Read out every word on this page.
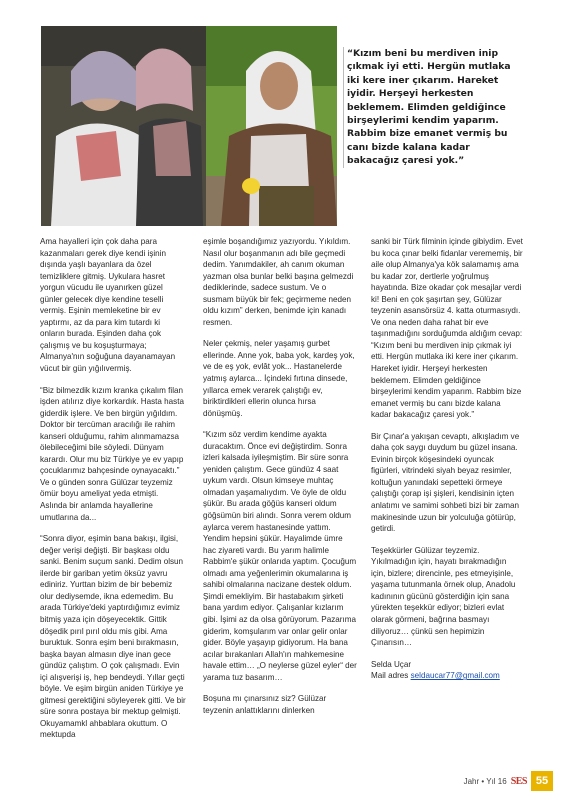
“Kızım beni bu merdiven inip çıkmak iyi etti. Hergün mutlaka iki kere iner çıkarım. Hareket iyidir. Herşeyi herkesten beklemem. Elimden geldiğince birşeylerimi kendim yaparım. Rabbim bize emanet vermiş bu canı bizde kalana kadar bakacağız çaresi yok.”

Ama hayalleri için çok daha para kazanmaları gerek diye kendi işinin dışında yaşlı bayanlara da özel temizliklere gitmiş. Uykulara hasret yorgun vücudu ile uyanırken güzel günler gelecek diye kendine teselli vermiş. Eşinin memleketine bir ev yaptırmı, az da para kim tutardı ki onların burada. Eşinden daha çok çalışmış ve bu koşuşturmaya; Almanya'nın soğuğuna dayanamayan vücut bir gün yığılıvermiş.

“Biz bilmezdik kızım kranka çıkalım filan işden atılırız diye korkardık. Hasta hasta giderdik işlere. Ve ben birgün yığıldım. Doktor bir tercüman aracılığı ile rahim kanseri olduğumu, rahim alınmamazsa ölebileceğimi bile söyledi. Dünyam karardı. Olur mu biz Türkiye ye ev yapıp çocuklarımız bahçesinde oynayacaktı.” Ve o günden sonra Gülüzar teyzemiz ömür boyu ameliyat yeda etmişti. Aslında bir anlamda hayallerine umutlarına da...

“Sonra diyor, eşimin bana bakışı, ilgisi, değer verişi değişti. Bir başkası oldu sanki. Benim suçum sanki. Dedim olsun ilerde bir gariban yetim öksüz yavru ediniriz. Yurttan bizim de bir bebemiz olur dediysemde, ikna edemedim. Bu arada Türkiye'deki yaptırdığımız evimiz bitmiş yaza için döşeyecektik. Gittik döşedik pırıl pırıl oldu mis gibi. Ama buruktuk. Sonra eşim beni bırakmasın, başka bayan almasın diye inan gece gündüz çalıştım. O çok çalışmadı. Evin içi alışverişi iş, hep bendeydi. Yıllar geçti böyle. Ve eşim birgün aniden Türkiye ye gitmesi gerektiğini söyleyerek gitti. Ve bir süre sonra postaya bir mektup gelmişti. Okuyamamkl ahbablara okuttum. O mektupda

eşimle boşandığımız yazıyordu. Yıkıldım. Nasıl olur boşanmanın adı bile geçmedi dedim. Yanımdakiler, ah canım okuman yazman olsa bunlar belki başına gelmezdi dediklerinde, sadece sustum. Ve o susmam büyük bir fek; geçirmeme neden oldu kızım” derken, benimde için kanadı resmen.

Neler çekmiş, neler yaşamış gurbet ellerinde. Anne yok, baba yok, kardeş yok, ve de eş yok, evlât yok... Hastanelerde yatmış aylarca... İçindeki fırtına dinsede, yıllarca emek verarek çalıştığı ev, biriktirdikleri ellerin olunca hırsa dönüşmüş.

“Kızım söz verdim kendime ayakta duracaktım. Önce evi değiştirdim. Sonra izleri kalsada iyileşmiştim. Bir süre sonra yeniden çalıştım. Gece gündüz 4 saat uykum vardı. Olsun kimseye muhtaç olmadan yaşamalıydım. Ve öyle de oldu şükür. Bu arada göğüs kanseri oldum göğsümün biri alındı. Sonra verem oldum aylarca verem hastanesinde yattım. Yendim hepsini şükür. Hayalimde ümre hac ziyareti vardı. Bu yarım halimle Rabbim'e şükür onlarıda yaptım. Çocuğum olmadı ama yeğenlerimin okumalarına iş sahibi olmalarına nacizane destek oldum. Şimdi emekliyim. Bir hastabakım şirketi bana yardım ediyor. Çalışanlar kızlarım gibi. İşimi az da olsa görüyorum. Pazarıma giderim, komşularım var onlar gelir onlar gider. Böyle yaşayıp gidiyorum. Ha bana acılar bırakanları Allah'ın mahkemesine havale ettim… „O neylerse güzel eyler“ der yarama tuz basarım…

Boşuna mı çınarsınız siz? Gülüzar teyzenin anlattıklarını dinlerken

sanki bir Türk filminin içinde gibiydim. Evet bu koca çınar belki fidanlar verememiş, bir aile olup Almanya'ya kök salamamış ama bu kadar zor, dertlerle yoğrulmuş hayatında. Bize okadar çok mesajlar verdi ki! Beni en çok şaşırtan şey, Gülüzar teyzenin asansörsüz 4. katta oturmasıydı. Ve ona neden daha rahat bir eve taşınmadığını sorduğumda aldığım cevap: “Kızım beni bu merdiven inip çıkmak iyi etti. Hergün mutlaka iki kere iner çıkarım. Hareket iyidir. Herşeyi herkesten beklemem. Elimden geldiğince birşeylerimi kendim yaparım. Rabbim bize emanet vermiş bu canı bizde kalana kadar bakacağız çaresi yok.”

Bir Çınar'a yakışan cevaptı, alkışladım ve daha çok saygı duydum bu güzel insana. Evinin birçok köşesindeki oyuncak figürleri, vitrindeki siyah beyaz resimler, koltuğun yanındaki sepetteki örmeye çalıştığı çorap işi şişleri, kendisinin içten anlatımı ve samimi sohbeti bizi bir zaman makinesinde uzun bir yolculuğa götürüp, getirdi.

Teşekkürler Gülüzar teyzemiz. Yıkılmadığın için, hayatı bırakmadığın için, bizlere; direncinle, pes etmeyişinle, yaşama tutunmanla örnek olup, Anadolu kadınının gücünü gösterdiğin için sana yürekten teşekkür ediyor; bizleri evlat olarak görmeni, bağrına basmayı diliyoruz… çünkü sen hepimizin Çınarısın…

Selda Uçar

Mail adres seldaucar77@gmail.com

Jahr • Yıl 16 SES 55
